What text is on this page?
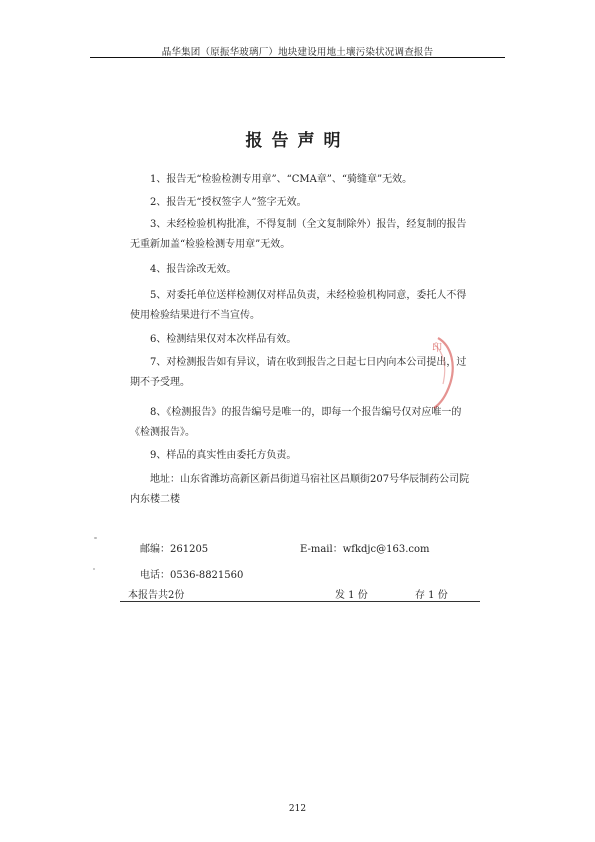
晶华集团（原振华玻璃厂）地块建设用地土壤污染状况调查报告
报告声明
1、报告无“检验检测专用章”、“CMA章”、“骑缝章”无效。
2、报告无“授权签字人”签字无效。
3、未经检验机构批准，不得复制（全文复制除外）报告，经复制的报告无重新加盖“检验检测专用章”无效。
4、报告涂改无效。
5、对委托单位送样检测仅对样品负责，未经检验机构同意，委托人不得使用检验结果进行不当宣传。
6、检测结果仅对本次样品有效。
7、对检测报告如有异议，请在收到报告之日起七日内向本公司提出，过期不予受理。
8、《检测报告》的报告编号是唯一的，即每一个报告编号仅对应唯一的《检测报告》。
9、样品的真实性由委托方负责。
地址：山东省潍坊高新区新昌街道马宿社区昌顺街207号华辰制药公司院内东楼二楼
邮编：261205	E-mail：wfkdjc@163.com
电话：0536-8821560
本报告共2份	发 1 份	存 1 份
印
212
